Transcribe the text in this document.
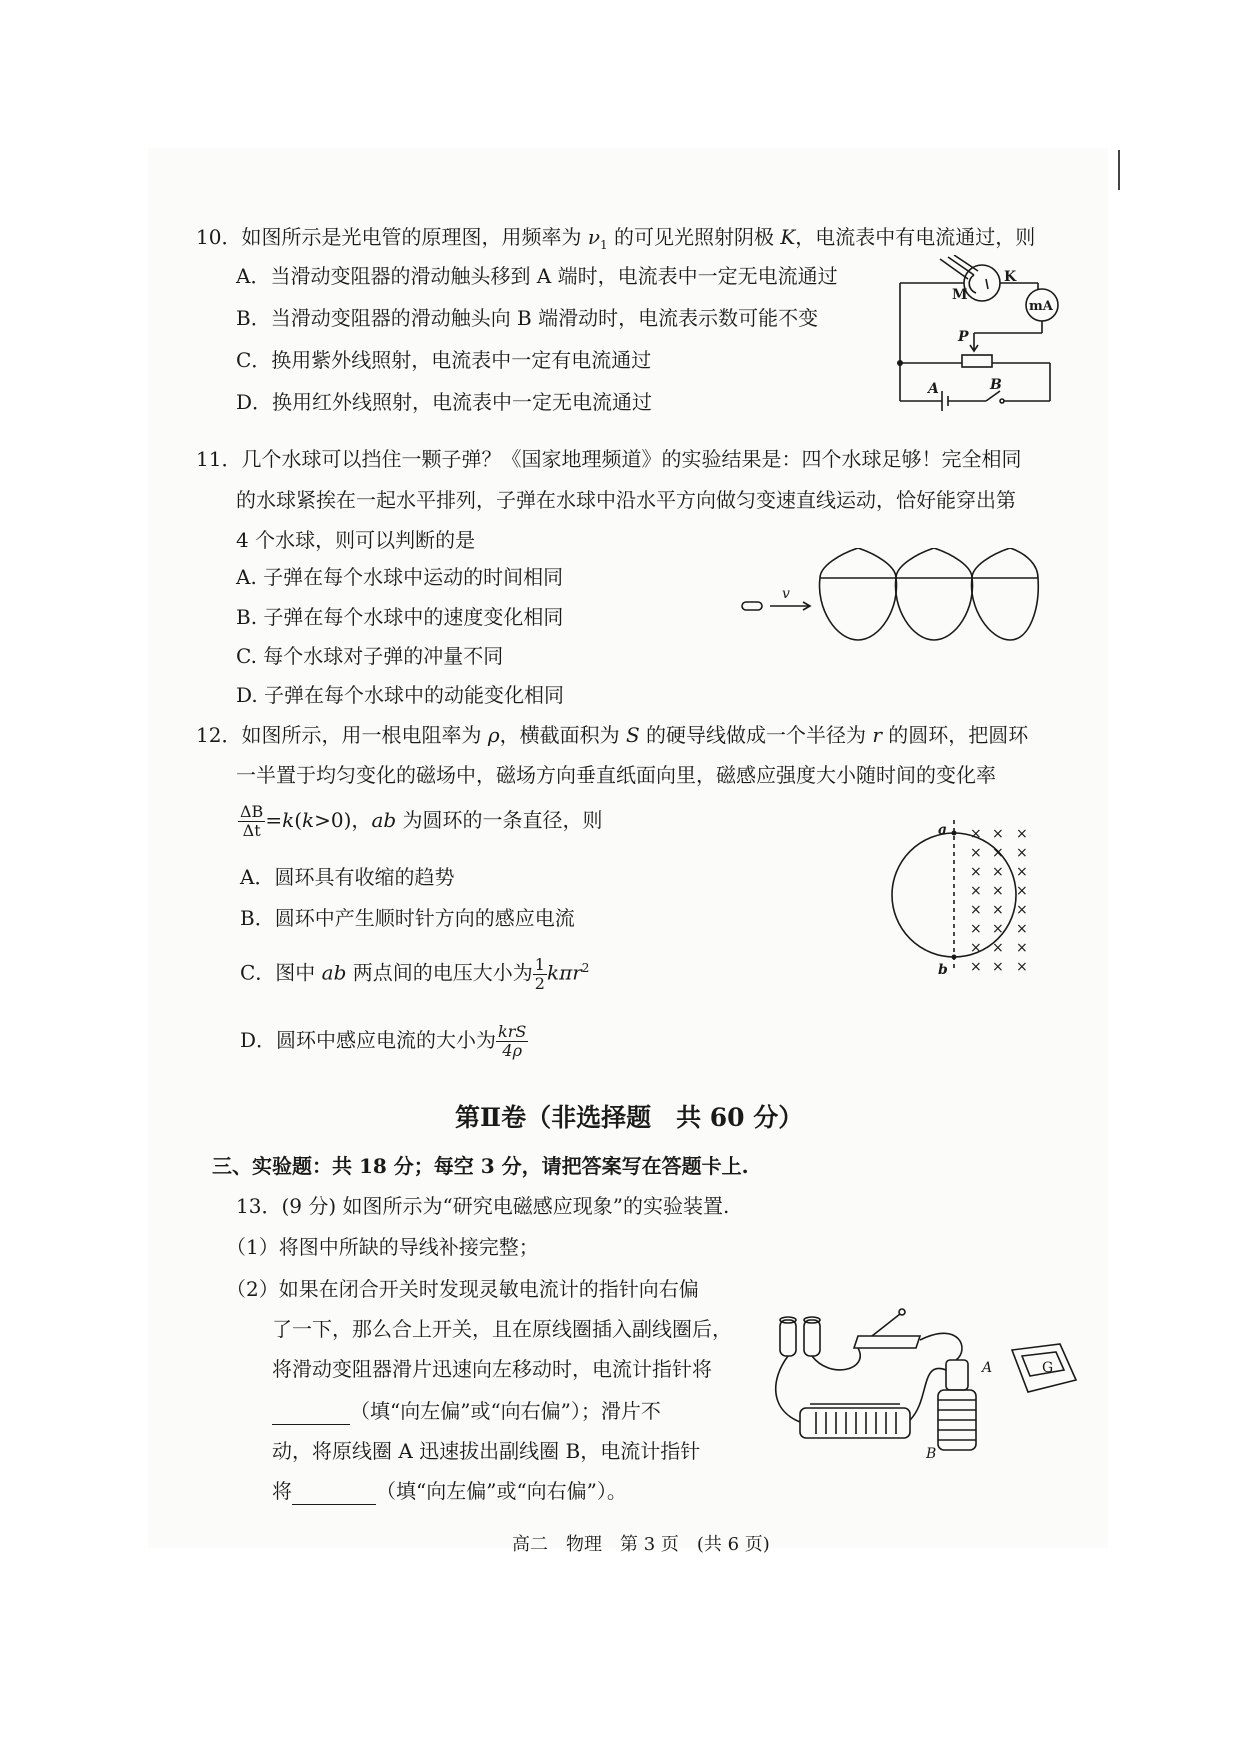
10．如图所示是光电管的原理图，用频率为 $\nu_1$ 的可见光照射阴极 K，电流表中有电流通过，则
A．当滑动变阻器的滑动触头移到 A 端时，电流表中一定无电流通过
B．当滑动变阻器的滑动触头向 B 端滑动时，电流表示数可能不变
C．换用紫外线照射，电流表中一定有电流通过
D．换用红外线照射，电流表中一定无电流通过
M
K
mA
P
A	B
11．几个水球可以挡住一颗子弹？《国家地理频道》的实验结果是：四个水球足够！完全相同
的水球紧挨在一起水平排列，子弹在水球中沿水平方向做匀变速直线运动，恰好能穿出第
4 个水球，则可以判断的是
A. 子弹在每个水球中运动的时间相同
B. 子弹在每个水球中的速度变化相同
C. 每个水球对子弹的冲量不同
D. 子弹在每个水球中的动能变化相同
v
12．如图所示，用一根电阻率为 ρ，横截面积为 S 的硬导线做成一个半径为 r 的圆环，把圆环
一半置于均匀变化的磁场中，磁场方向垂直纸面向里，磁感应强度大小随时间的变化率
$\frac{\Delta B}{\Delta t} =k(k>0)$，ab 为圆环的一条直径，则
A．圆环具有收缩的趋势
B．圆环中产生顺时针方向的感应电流
C．图中 ab 两点间的电压大小为 $\frac{1}{2} k\pi r^2$
D．圆环中感应电流的大小为 $\frac{\text{krS}}{4\rho}$
a
b
× × ×
× × ×
× × ×
× × ×
× × ×
× × ×
× × ×
× × ×
第Ⅱ卷（非选择题　共 60 分）
三、实验题：共 18 分；每空 3 分，请把答案写在答题卡上.
13．(9 分) 如图所示为“研究电磁感应现象”的实验装置.
（1）将图中所缺的导线补接完整；
（2）如果在闭合开关时发现灵敏电流计的指针向右偏
了一下，那么合上开关，且在原线圈插入副线圈后，
将滑动变阻器滑片迅速向左移动时，电流计指针将
（填“向左偏”或“向右偏”）；滑片不
动，将原线圈 A 迅速拔出副线圈 B，电流计指针
将	（填“向左偏”或“向右偏”）。
A
B
G
高二　物理　第 3 页　(共 6 页)
